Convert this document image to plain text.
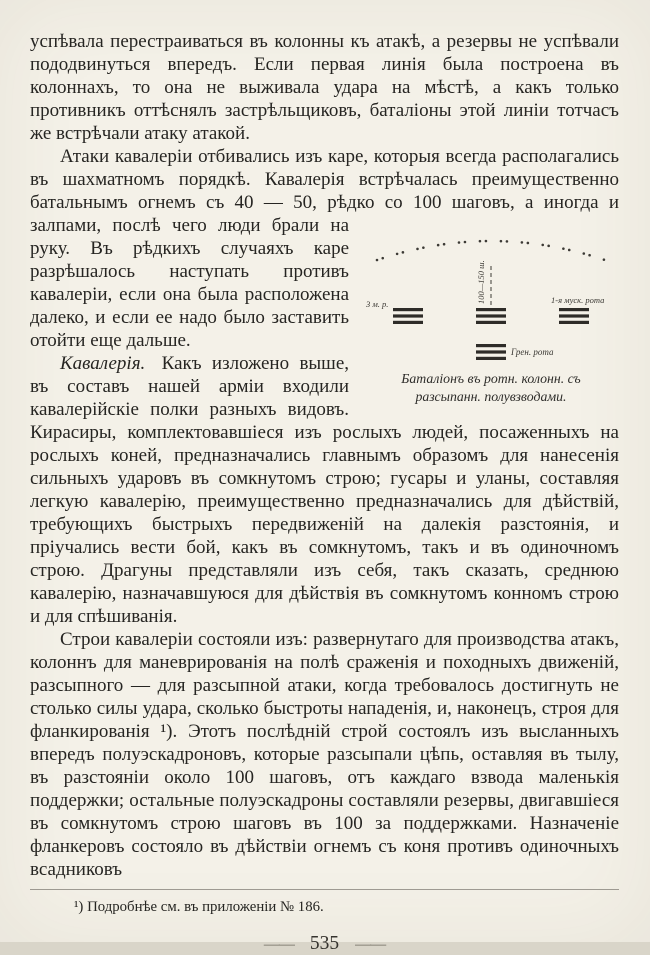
успѣвала перестраиваться въ колонны къ атакѣ, а резервы не успѣвали пододвинуться впередъ. Если первая линія была построена въ колоннахъ, то она не выживала удара на мѣстѣ, а какъ только противникъ оттѣснялъ застрѣльщиковъ, баталіоны этой линіи тотчасъ же встрѣчали атаку атакой.

Атаки кавалеріи отбивались изъ каре, которыя всегда располагались въ шахматномъ порядкѣ. Кавалерія встрѣчалась преимущественно батальнымъ огнемъ съ 40 — 50, рѣдко со 100 шаговъ,
100—150 ш.
3 м. р.	1-я муск. рота
Грен. рота
Баталіонъ въ ротн. колонн. съ
разсыпанн. полувзводами.
а иногда и залпами, послѣ чего люди брали на руку. Въ рѣдкихъ случаяхъ каре разрѣшалось наступать противъ кавалеріи, если она была расположена далеко, и если ее надо было заставить отойти еще дальше.

Кавалерія. Какъ изложено выше, въ составъ нашей арміи входили кавалерійскіе полки разныхъ видовъ. Кирасиры, комплектовавшіеся изъ рослыхъ людей, посаженныхъ на рослыхъ коней, предназначались главнымъ образомъ для нанесенія сильныхъ ударовъ въ сомкнутомъ строю; гусары и уланы, составляя легкую кавалерію, преимущественно предназначались для дѣйствій, требующихъ быстрыхъ передвиженій на далекія разстоянія, и пріучались вести бой, какъ въ сомкнутомъ, такъ и въ одиночномъ строю. Драгуны представляли изъ себя, такъ сказать, среднюю кавалерію, назначавшуюся для дѣйствія въ сомкнутомъ конномъ строю и для спѣшиванія.

Строи кавалеріи состояли изъ: развернутаго для производства атакъ, колоннъ для маневрированія на полѣ сраженія и походныхъ движеній, разсыпного — для разсыпной атаки, когда требовалось достигнуть не столько силы удара, сколько быстроты нападенія, и, наконецъ, строя для фланкированія ¹). Этотъ послѣдній строй состоялъ изъ высланныхъ впередъ полуэскадроновъ, которые разсыпали цѣпь, оставляя въ тылу, въ разстояніи около 100 шаговъ, отъ каждаго взвода маленькія поддержки; остальные полуэскадроны составляли резервы, двигавшіеся въ сомкнутомъ строю шаговъ въ 100 за поддержками. Назначеніе фланкеровъ состояло въ дѣйствіи огнемъ съ коня противъ одиночныхъ всадниковъ

¹) Подробнѣе см. въ приложеніи № 186.
—— 535 ——
